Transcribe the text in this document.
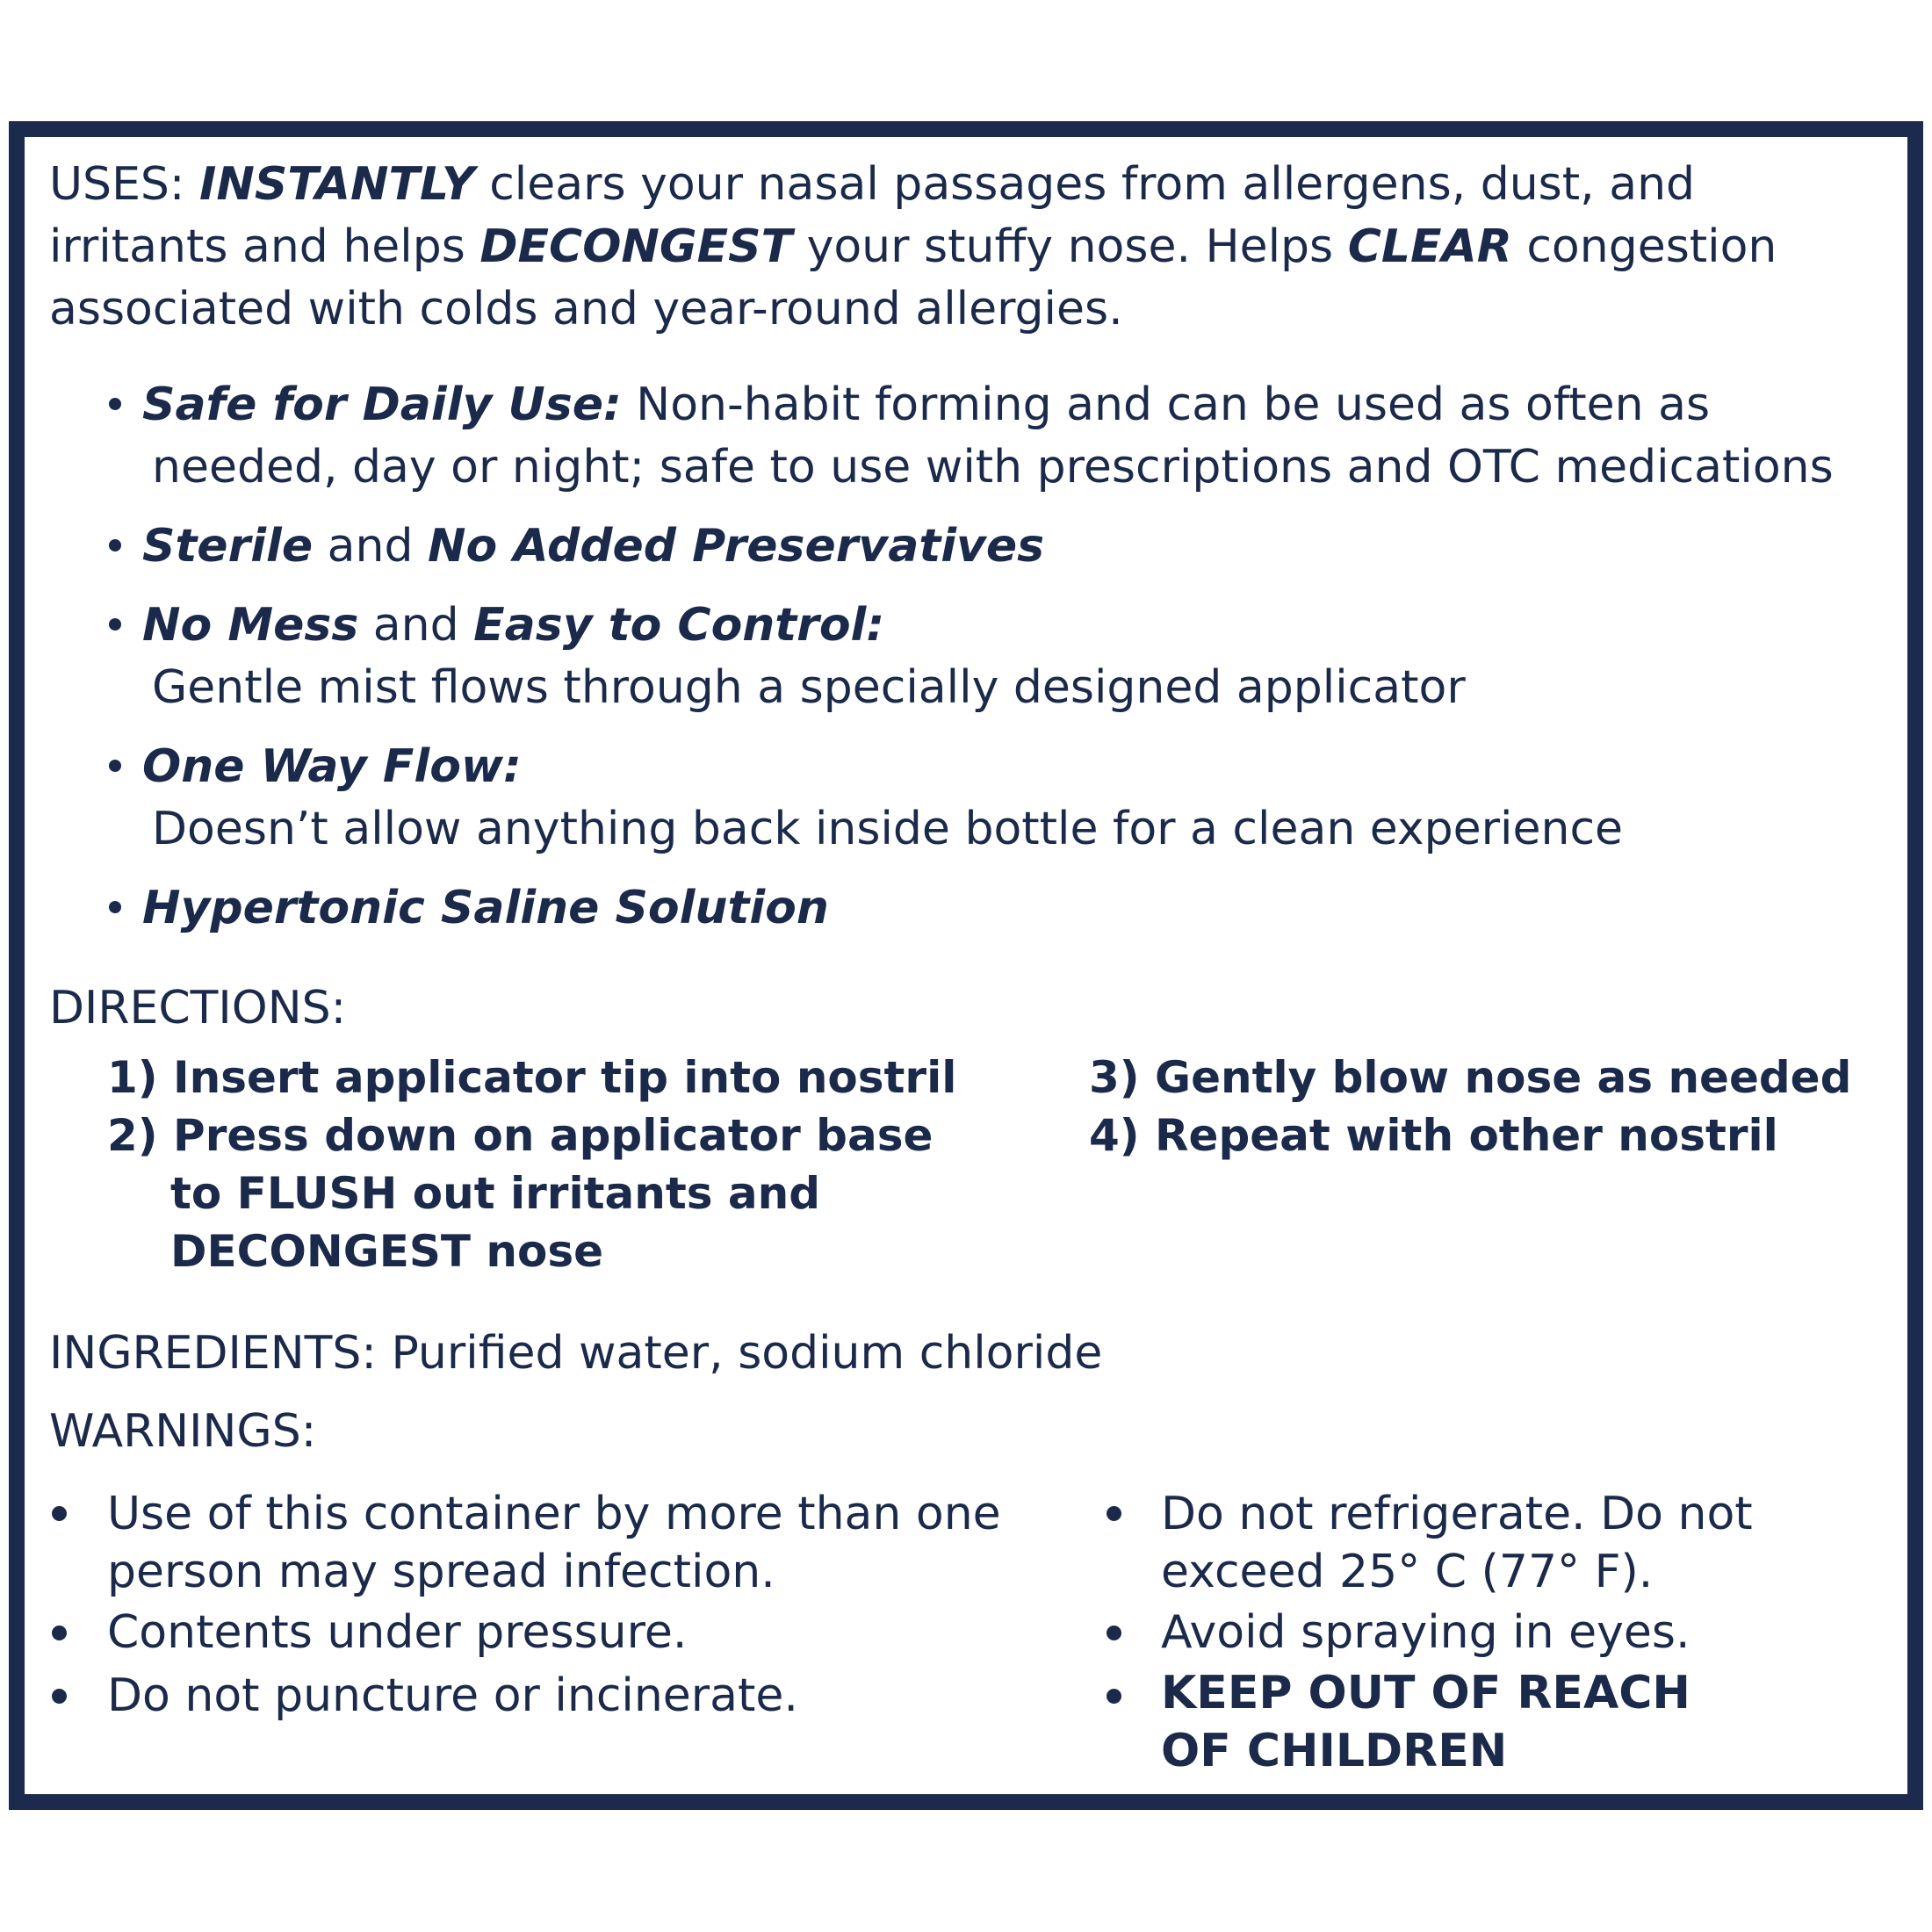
USES: INSTANTLY clears your nasal passages from allergens, dust, and
irritants and helps DECONGEST your stuffy nose. Helps CLEAR congestion
associated with colds and year-round allergies.
Safe for Daily Use: Non-habit forming and can be used as often as
needed, day or night; safe to use with prescriptions and OTC medications
Sterile and No Added Preservatives
No Mess and Easy to Control:
Gentle mist flows through a specially designed applicator
One Way Flow:
Doesn’t allow anything back inside bottle for a clean experience
Hypertonic Saline Solution
DIRECTIONS:
1) Insert applicator tip into nostril
2) Press down on applicator base
to FLUSH out irritants and
DECONGEST nose
3) Gently blow nose as needed
4) Repeat with other nostril
INGREDIENTS: Purified water, sodium chloride
WARNINGS:
Use of this container by more than one
person may spread infection.
Contents under pressure.
Do not puncture or incinerate.
Do not refrigerate. Do not
exceed 25° C (77° F).
Avoid spraying in eyes.
KEEP OUT OF REACH
OF CHILDREN
